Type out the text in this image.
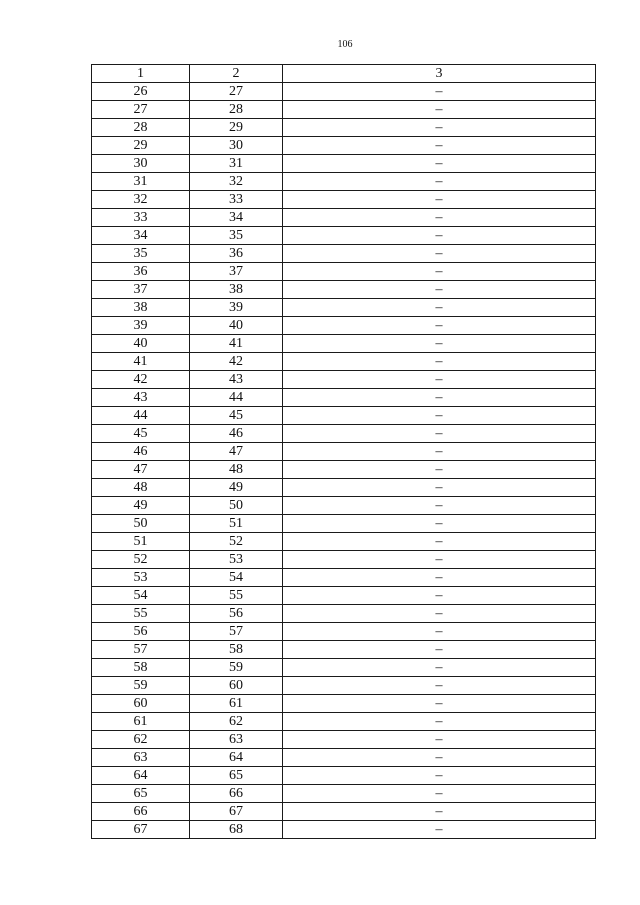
106
1	2	3
26	27	–
27	28	–
28	29	–
29	30	–
30	31	–
31	32	–
32	33	–
33	34	–
34	35	–
35	36	–
36	37	–
37	38	–
38	39	–
39	40	–
40	41	–
41	42	–
42	43	–
43	44	–
44	45	–
45	46	–
46	47	–
47	48	–
48	49	–
49	50	–
50	51	–
51	52	–
52	53	–
53	54	–
54	55	–
55	56	–
56	57	–
57	58	–
58	59	–
59	60	–
60	61	–
61	62	–
62	63	–
63	64	–
64	65	–
65	66	–
66	67	–
67	68	–
